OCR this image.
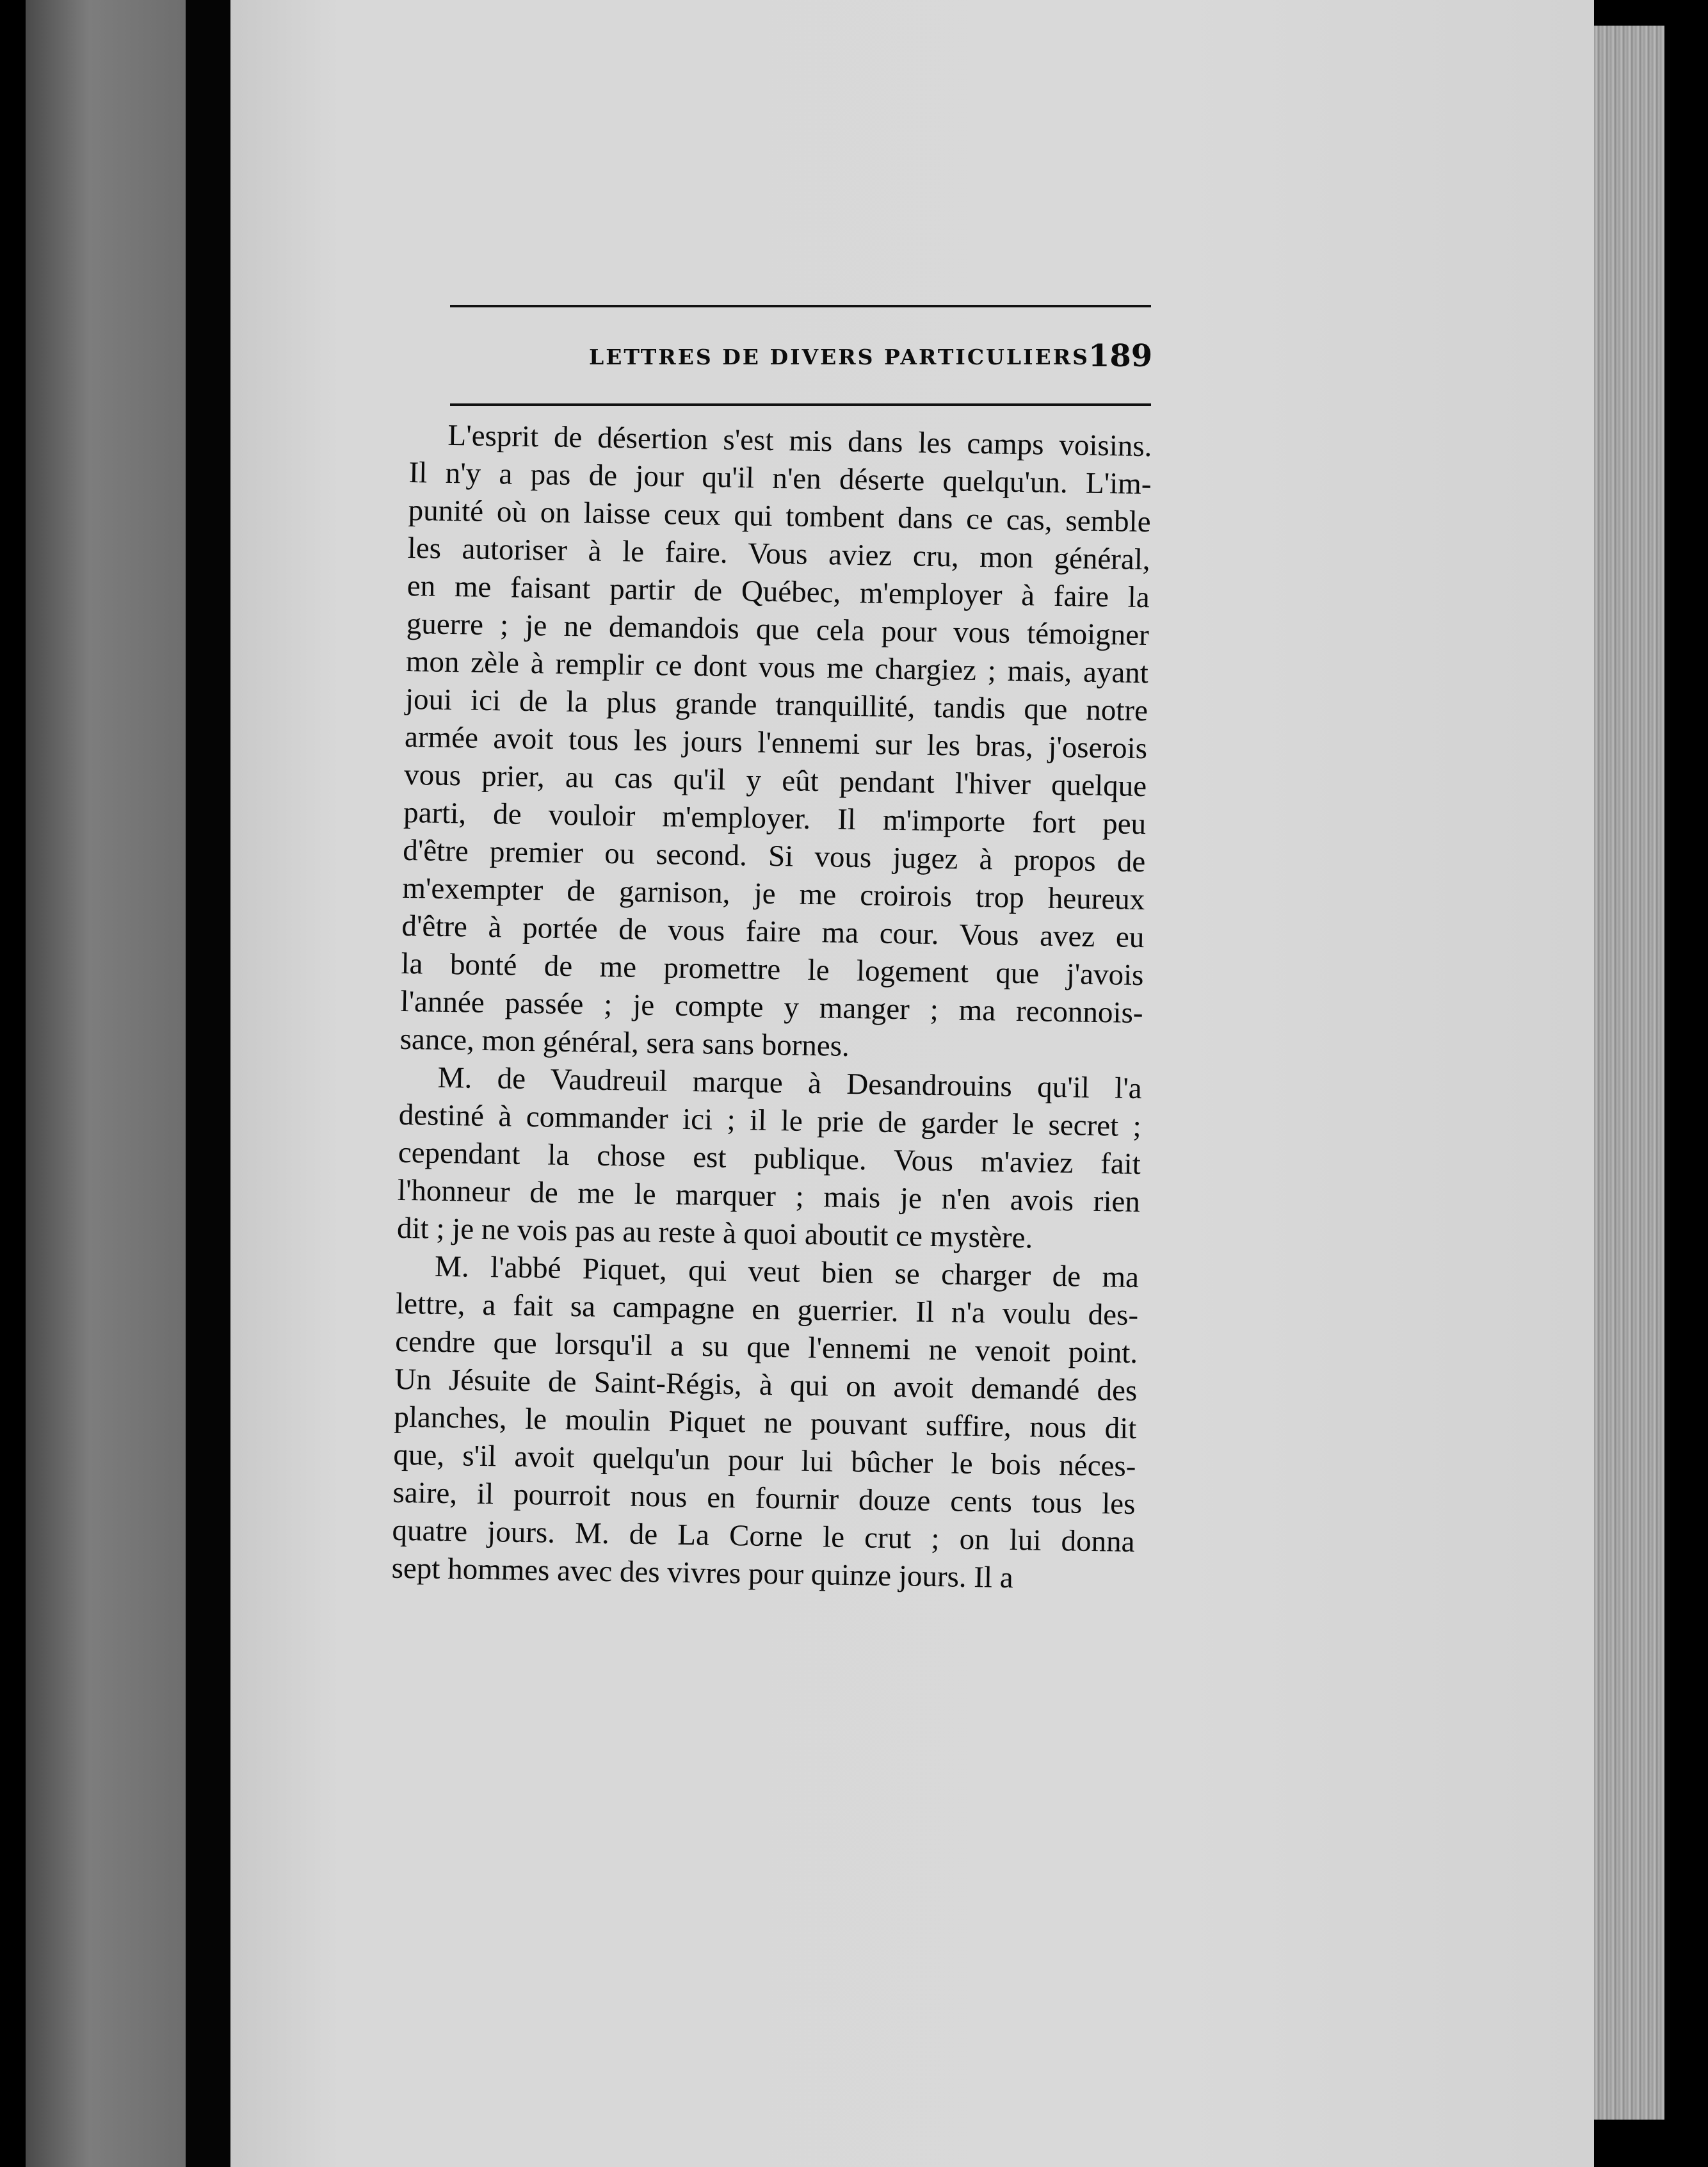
LETTRES DE DIVERS PARTICULIERS
189
L'esprit de désertion s'est mis dans les camps voisins.
Il n'y a pas de jour qu'il n'en déserte quelqu'un. L'im-
punité où on laisse ceux qui tombent dans ce cas, semble
les autoriser à le faire. Vous aviez cru, mon général,
en me faisant partir de Québec, m'employer à faire la
guerre ; je ne demandois que cela pour vous témoigner
mon zèle à remplir ce dont vous me chargiez ; mais, ayant
joui ici de la plus grande tranquillité, tandis que notre
armée avoit tous les jours l'ennemi sur les bras, j'oserois
vous prier, au cas qu'il y eût pendant l'hiver quelque
parti, de vouloir m'employer. Il m'importe fort peu
d'être premier ou second. Si vous jugez à propos de
m'exempter de garnison, je me croirois trop heureux
d'être à portée de vous faire ma cour. Vous avez eu
la bonté de me promettre le logement que j'avois
l'année passée ; je compte y manger ; ma reconnois-
sance, mon général, sera sans bornes.
M. de Vaudreuil marque à Desandrouins qu'il l'a
destiné à commander ici ; il le prie de garder le secret ;
cependant la chose est publique. Vous m'aviez fait
l'honneur de me le marquer ; mais je n'en avois rien
dit ; je ne vois pas au reste à quoi aboutit ce mystère.
M. l'abbé Piquet, qui veut bien se charger de ma
lettre, a fait sa campagne en guerrier. Il n'a voulu des-
cendre que lorsqu'il a su que l'ennemi ne venoit point.
Un Jésuite de Saint-Régis, à qui on avoit demandé des
planches, le moulin Piquet ne pouvant suffire, nous dit
que, s'il avoit quelqu'un pour lui bûcher le bois néces-
saire, il pourroit nous en fournir douze cents tous les
quatre jours. M. de La Corne le crut ; on lui donna
sept hommes avec des vivres pour quinze jours. Il a
